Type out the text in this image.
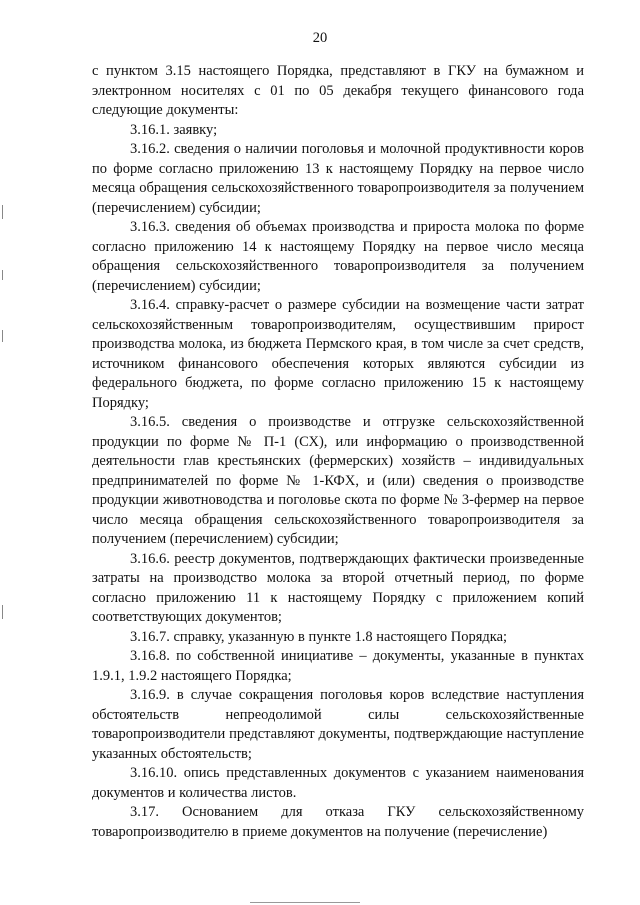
20

с пунктом 3.15 настоящего Порядка, представляют в ГКУ на бумажном и электронном носителях с 01 по 05 декабря текущего финансового года следующие документы:

3.16.1. заявку;

3.16.2. сведения о наличии поголовья и молочной продуктивности коров по форме согласно приложению 13 к настоящему Порядку на первое число месяца обращения сельскохозяйственного товаропроизводителя за получением (перечислением) субсидии;

3.16.3. сведения об объемах производства и прироста молока по форме согласно приложению 14 к настоящему Порядку на первое число месяца обращения сельскохозяйственного товаропроизводителя за получением (перечислением) субсидии;

3.16.4. справку-расчет о размере субсидии на возмещение части затрат сельскохозяйственным товаропроизводителям, осуществившим прирост производства молока, из бюджета Пермского края, в том числе за счет средств, источником финансового обеспечения которых являются субсидии из федерального бюджета, по форме согласно приложению 15 к настоящему Порядку;

3.16.5. сведения о производстве и отгрузке сельскохозяйственной продукции по форме № П-1 (СХ), или информацию о производственной деятельности глав крестьянских (фермерских) хозяйств – индивидуальных предпринимателей по форме № 1-КФХ, и (или) сведения о производстве продукции животноводства и поголовье скота по форме № 3-фермер на первое число месяца обращения сельскохозяйственного товаропроизводителя за получением (перечислением) субсидии;

3.16.6. реестр документов, подтверждающих фактически произведенные затраты на производство молока за второй отчетный период, по форме согласно приложению 11 к настоящему Порядку с приложением копий соответствующих документов;

3.16.7. справку, указанную в пункте 1.8 настоящего Порядка;

3.16.8. по собственной инициативе – документы, указанные в пунктах 1.9.1, 1.9.2 настоящего Порядка;

3.16.9. в случае сокращения поголовья коров вследствие наступления обстоятельств непреодолимой силы сельскохозяйственные товаропроизводители представляют документы, подтверждающие наступление указанных обстоятельств;

3.16.10. опись представленных документов с указанием наименования документов и количества листов.

3.17. Основанием для отказа ГКУ сельскохозяйственному товаропроизводителю в приеме документов на получение (перечисление)
